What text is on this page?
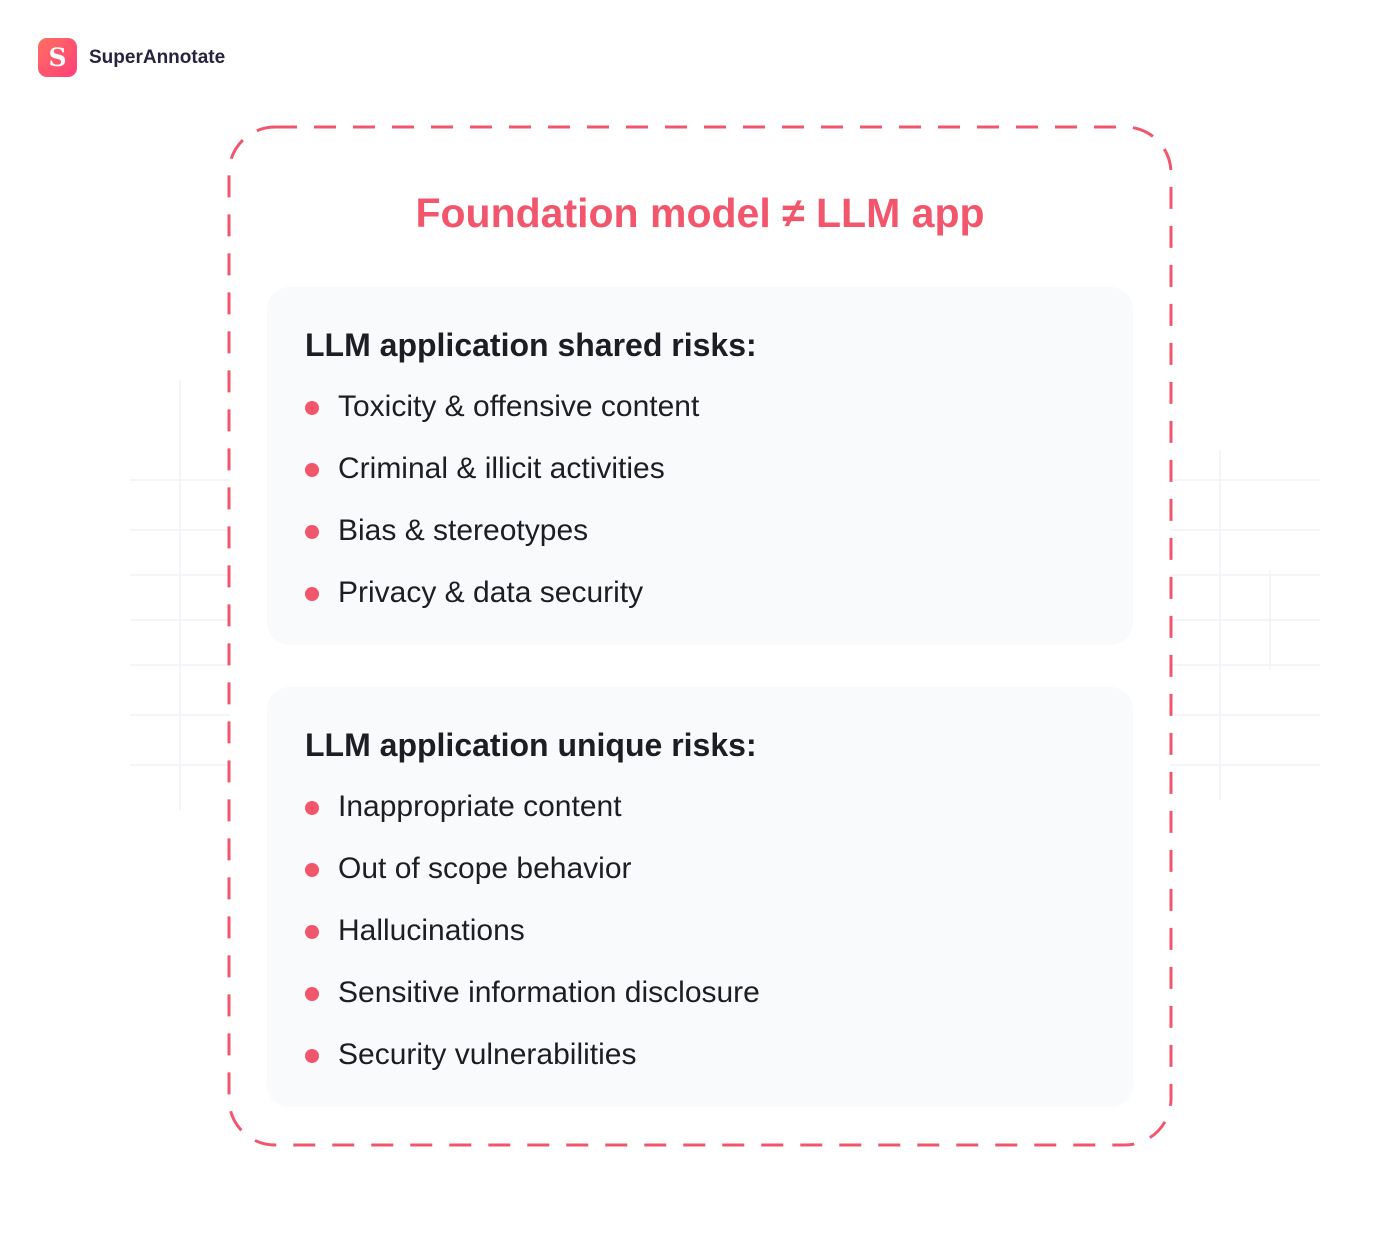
S	SuperAnnotate
Foundation model ≠ LLM app
LLM application shared risks:
Toxicity & offensive content
Criminal & illicit activities
Bias & stereotypes
Privacy & data security
LLM application unique risks:
Inappropriate content
Out of scope behavior
Hallucinations
Sensitive information disclosure
Security vulnerabilities
